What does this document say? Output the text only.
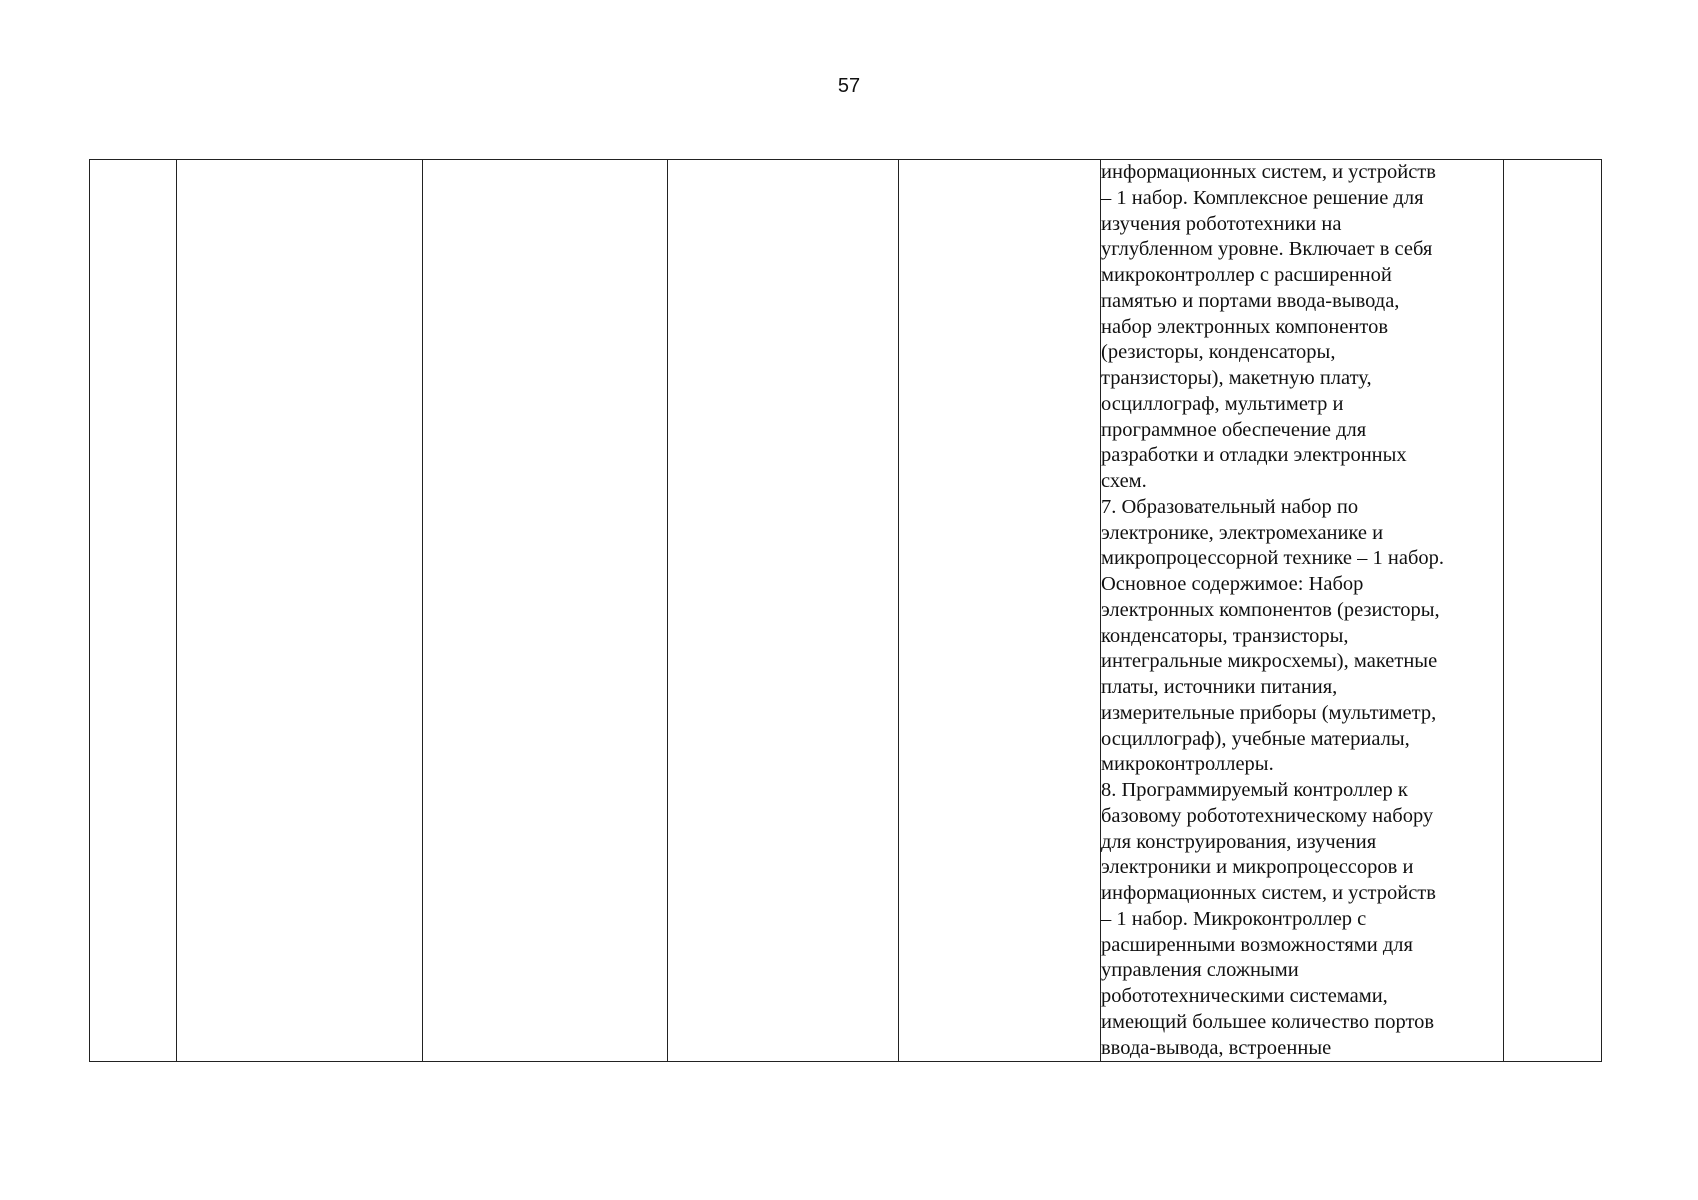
57

информационных систем, и устройств
– 1 набор. Комплексное решение для
изучения робототехники на
углубленном уровне. Включает в себя
микроконтроллер с расширенной
памятью и портами ввода-вывода,
набор электронных компонентов
(резисторы, конденсаторы,
транзисторы), макетную плату,
осциллограф, мультиметр и
программное обеспечение для
разработки и отладки электронных
схем.
7. Образовательный набор по
электронике, электромеханике и
микропроцессорной технике – 1 набор.
Основное содержимое: Набор
электронных компонентов (резисторы,
конденсаторы, транзисторы,
интегральные микросхемы), макетные
платы, источники питания,
измерительные приборы (мультиметр,
осциллограф), учебные материалы,
микроконтроллеры.
8. Программируемый контроллер к
базовому робототехническому набору
для конструирования, изучения
электроники и микропроцессоров и
информационных систем, и устройств
– 1 набор. Микроконтроллер с
расширенными возможностями для
управления сложными
робототехническими системами,
имеющий большее количество портов
ввода-вывода, встроенные
